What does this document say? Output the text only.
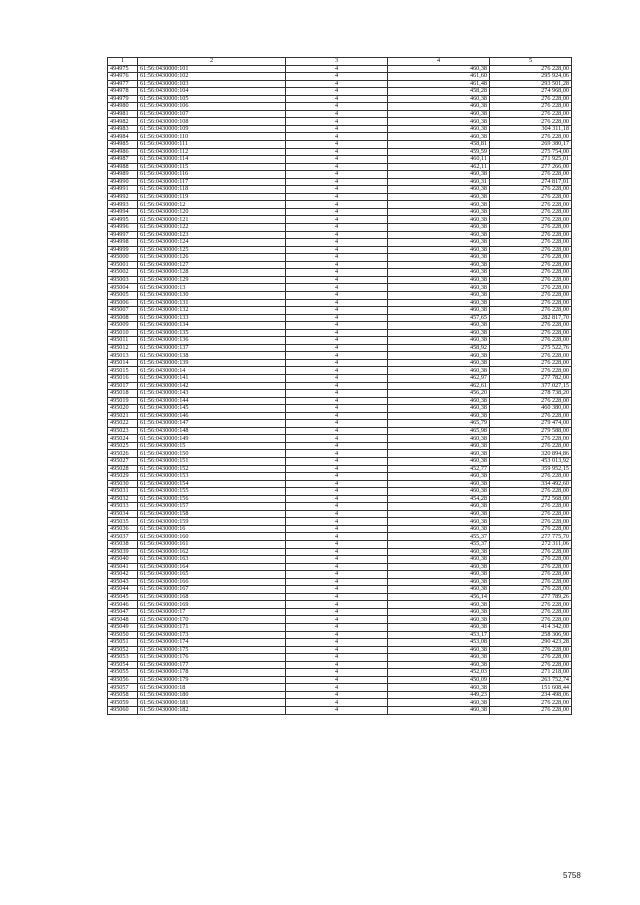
1	2	3	4	5
494975	61:56:0430000:101	4	460,38	276 228,00
494976	61:56:0430000:102	4	461,60	295 924,06
494977	61:56:0430000:103	4	461,48	293 501,28
494978	61:56:0430000:104	4	458,28	274 968,00
494979	61:56:0430000:105	4	460,38	276 228,00
494980	61:56:0430000:106	4	460,38	276 228,00
494981	61:56:0430000:107	4	460,38	276 228,00
494982	61:56:0430000:108	4	460,38	276 228,00
494983	61:56:0430000:109	4	460,38	304 311,18
494984	61:56:0430000:110	4	460,38	276 228,00
494985	61:56:0430000:111	4	458,81	269 380,17
494986	61:56:0430000:112	4	459,59	275 754,00
494987	61:56:0430000:114	4	460,11	271 925,01
494988	61:56:0430000:115	4	462,11	277 266,00
494989	61:56:0430000:116	4	460,38	276 228,00
494990	61:56:0430000:117	4	460,31	274 817,01
494991	61:56:0430000:118	4	460,38	276 228,00
494992	61:56:0430000:119	4	460,38	276 228,00
494993	61:56:0430000:12	4	460,38	276 228,00
494994	61:56:0430000:120	4	460,38	276 228,00
494995	61:56:0430000:121	4	460,38	276 228,00
494996	61:56:0430000:122	4	460,38	276 228,00
494997	61:56:0430000:123	4	460,38	276 228,00
494998	61:56:0430000:124	4	460,38	276 228,00
494999	61:56:0430000:125	4	460,38	276 228,00
495000	61:56:0430000:126	4	460,38	276 228,00
495001	61:56:0430000:127	4	460,38	276 228,00
495002	61:56:0430000:128	4	460,38	276 228,00
495003	61:56:0430000:129	4	460,38	276 228,00
495004	61:56:0430000:13	4	460,38	276 228,00
495005	61:56:0430000:130	4	460,38	276 228,00
495006	61:56:0430000:131	4	460,38	276 228,00
495007	61:56:0430000:132	4	460,38	276 228,00
495008	61:56:0430000:133	4	457,65	282 817,70
495009	61:56:0430000:134	4	460,38	276 228,00
495010	61:56:0430000:135	4	460,38	276 228,00
495011	61:56:0430000:136	4	460,38	276 228,00
495012	61:56:0430000:137	4	458,92	275 522,76
495013	61:56:0430000:138	4	460,38	276 228,00
495014	61:56:0430000:139	4	460,38	276 228,00
495015	61:56:0430000:14	4	460,38	276 228,00
495016	61:56:0430000:141	4	462,97	277 782,00
495017	61:56:0430000:142	4	462,61	377 027,15
495018	61:56:0430000:143	4	456,20	278 738,20
495019	61:56:0430000:144	4	460,38	276 228,00
495020	61:56:0430000:145	4	460,38	460 380,00
495021	61:56:0430000:146	4	460,38	276 228,00
495022	61:56:0430000:147	4	465,79	279 474,00
495023	61:56:0430000:148	4	465,98	279 588,00
495024	61:56:0430000:149	4	460,38	276 228,00
495025	61:56:0430000:15	4	460,38	276 228,00
495026	61:56:0430000:150	4	460,38	320 894,86
495027	61:56:0430000:151	4	460,38	453 013,92
495028	61:56:0430000:152	4	452,77	359 952,15
495029	61:56:0430000:153	4	460,38	276 228,00
495030	61:56:0430000:154	4	460,38	334 492,60
495031	61:56:0430000:155	4	460,38	276 228,00
495032	61:56:0430000:156	4	454,28	272 568,00
495033	61:56:0430000:157	4	460,38	276 228,00
495034	61:56:0430000:158	4	460,38	276 228,00
495035	61:56:0430000:159	4	460,38	276 228,00
495036	61:56:0430000:16	4	460,38	276 228,00
495037	61:56:0430000:160	4	455,37	277 775,70
495038	61:56:0430000:161	4	455,37	272 311,06
495039	61:56:0430000:162	4	460,38	276 228,00
495040	61:56:0430000:163	4	460,38	276 228,00
495041	61:56:0430000:164	4	460,38	276 228,00
495042	61:56:0430000:165	4	460,38	276 228,00
495043	61:56:0430000:166	4	460,38	276 228,00
495044	61:56:0430000:167	4	460,38	276 228,00
495045	61:56:0430000:168	4	456,14	277 789,26
495046	61:56:0430000:169	4	460,38	276 228,00
495047	61:56:0430000:17	4	460,38	276 228,00
495048	61:56:0430000:170	4	460,38	276 228,00
495049	61:56:0430000:171	4	460,38	414 342,00
495050	61:56:0430000:173	4	453,17	258 306,90
495051	61:56:0430000:174	4	453,08	290 423,28
495052	61:56:0430000:175	4	460,38	276 228,00
495053	61:56:0430000:176	4	460,38	276 228,00
495054	61:56:0430000:177	4	460,38	276 228,00
495055	61:56:0430000:178	4	452,03	271 218,00
495056	61:56:0430000:179	4	450,09	263 752,74
495057	61:56:0430000:18	4	460,38	151 608,44
495058	61:56:0430000:180	4	449,23	234 498,06
495059	61:56:0430000:181	4	460,38	276 228,00
495060	61:56:0430000:182	4	460,38	276 228,00
5758
